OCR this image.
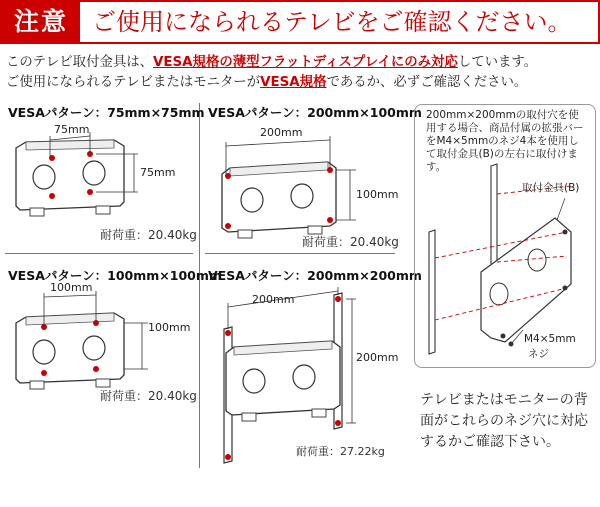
注意	ご使用になられるテレビをご確認ください。
このテレビ取付金具は、VESA規格の薄型フラットディスプレイにのみ対応しています。
ご使用になられるテレビまたはモニターがVESA規格であるか、必ずご確認ください。
VESAパターン：75mm×75mm
75mm
75mm
耐荷重：20.40kg
VESAパターン：200mm×100mm
200mm
100mm
耐荷重：20.40kg
VESAパターン：100mm×100mm
100mm
100mm
耐荷重：20.40kg
VESAパターン：200mm×200mm
200mm
200mm
耐荷重：27.22kg
200mm×200mmの取付穴を使用する場合、商品付属の拡張バーをM4×5mmのネジ4本を使用して取付金具(B)の左右に取付けます。
取付金具(B)
M4×5mm
ネジ
テレビまたはモニターの背面がこれらのネジ穴に対応するかご確認下さい。
